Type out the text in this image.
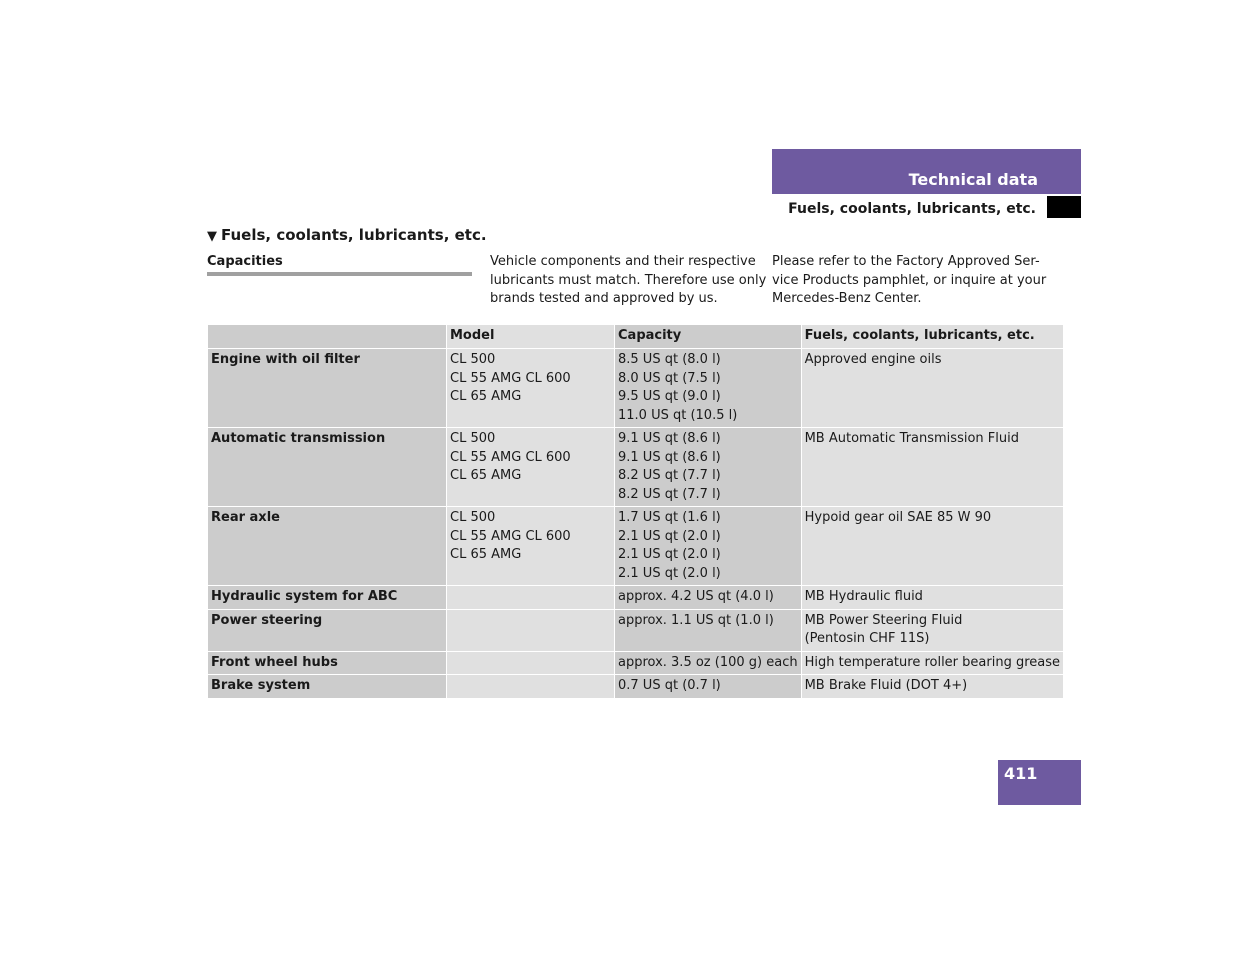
Technical data
Fuels, coolants, lubricants, etc.
▼ Fuels, coolants, lubricants, etc.
Capacities	Vehicle components and their respective
lubricants must match. Therefore use only
brands tested and approved by us.
Please refer to the Factory Approved Ser-
vice Products pamphlet, or inquire at your
Mercedes-Benz Center.
	Model	Capacity	Fuels, coolants, lubricants, etc.

Engine with oil filter	CL 500
CL 55 AMG CL 600
CL 65 AMG	8.5 US qt (8.0 l)
8.0 US qt (7.5 l)
9.5 US qt (9.0 l)
11.0 US qt (10.5 l)	Approved engine oils

Automatic transmission	CL 500
CL 55 AMG CL 600
CL 65 AMG	9.1 US qt (8.6 l)
9.1 US qt (8.6 l)
8.2 US qt (7.7 l)
8.2 US qt (7.7 l)	MB Automatic Transmission Fluid

Rear axle	CL 500
CL 55 AMG CL 600
CL 65 AMG	1.7 US qt (1.6 l)
2.1 US qt (2.0 l)
2.1 US qt (2.0 l)
2.1 US qt (2.0 l)	Hypoid gear oil SAE 85 W 90

Hydraulic system for ABC		approx. 4.2 US qt (4.0 l)	MB Hydraulic fluid

Power steering		approx. 1.1 US qt (1.0 l)	MB Power Steering Fluid
(Pentosin CHF 11S)

Front wheel hubs		approx. 3.5 oz (100 g) each	High temperature roller bearing grease

Brake system		0.7 US qt (0.7 l)	MB Brake Fluid (DOT 4+)
411
